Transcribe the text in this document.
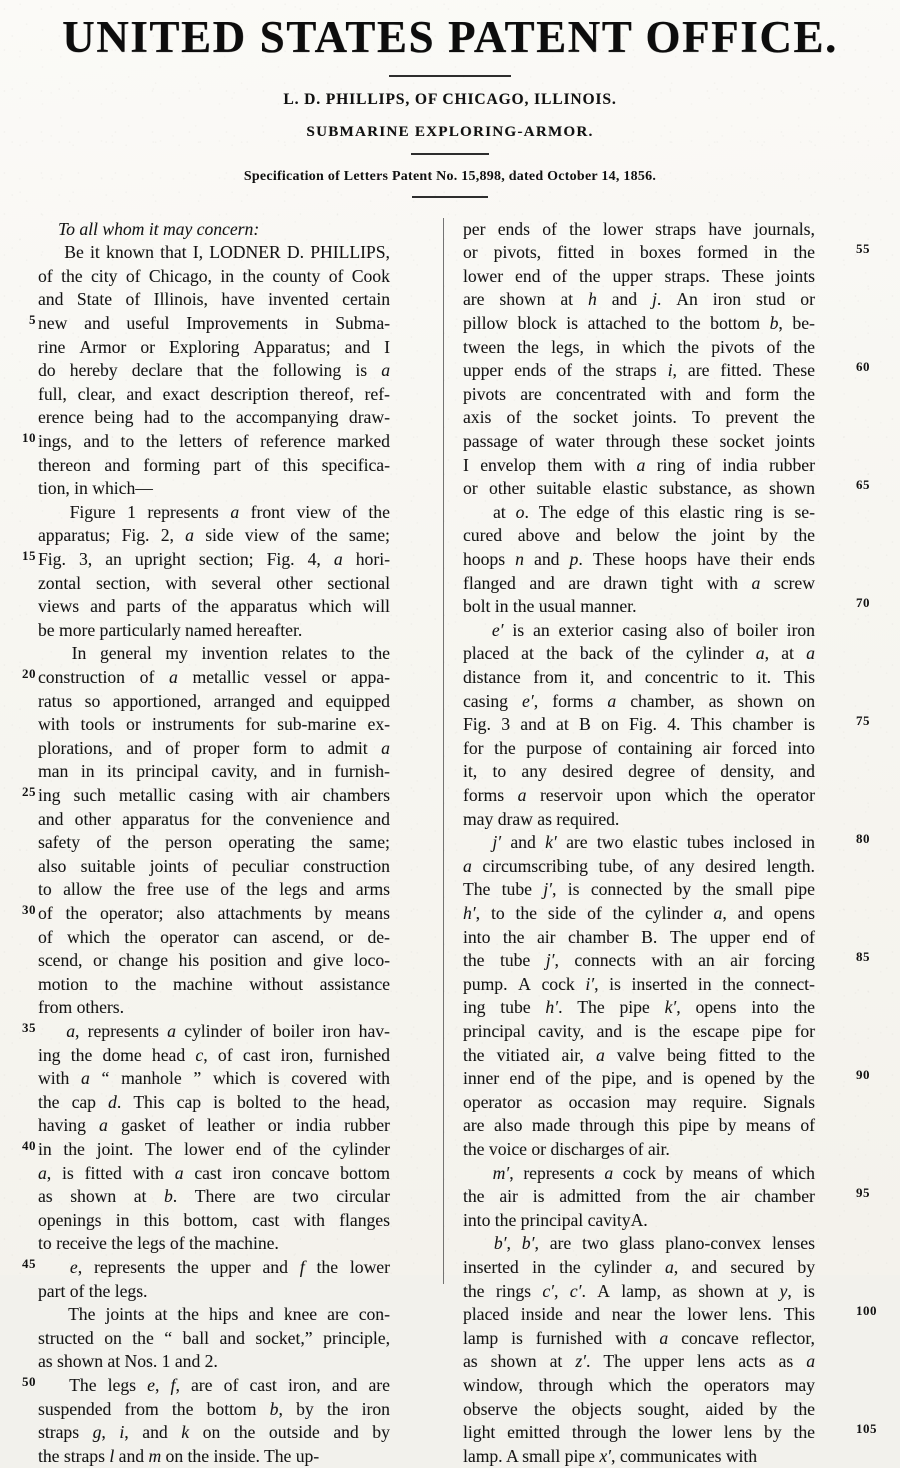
UNITED STATES PATENT OFFICE.
L. D. PHILLIPS, OF CHICAGO, ILLINOIS.
SUBMARINE EXPLORING-ARMOR.
Specification of Letters Patent No. 15,898, dated October 14, 1856.
5
10
15
20
25
30
35
40
45
50
To all whom it may concern:
Be it known that I, LODNER D. PHILLIPS,
of the city of Chicago, in the county of Cook
and State of Illinois, have invented certain
new and useful Improvements in Subma-
rine Armor or Exploring Apparatus; and I
do hereby declare that the following is a
full, clear, and exact description thereof, ref-
erence being had to the accompanying draw-
ings, and to the letters of reference marked
thereon and forming part of this specifica-
tion, in which—
Figure 1 represents a front view of the
apparatus; Fig. 2, a side view of the same;
Fig. 3, an upright section; Fig. 4, a hori-
zontal section, with several other sectional
views and parts of the apparatus which will
be more particularly named hereafter.
In general my invention relates to the
construction of a metallic vessel or appa-
ratus so apportioned, arranged and equipped
with tools or instruments for sub-marine ex-
plorations, and of proper form to admit a
man in its principal cavity, and in furnish-
ing such metallic casing with air chambers
and other apparatus for the convenience and
safety of the person operating the same;
also suitable joints of peculiar construction
to allow the free use of the legs and arms
of the operator; also attachments by means
of which the operator can ascend, or de-
scend, or change his position and give loco-
motion to the machine without assistance
from others.
a, represents a cylinder of boiler iron hav-
ing the dome head c, of cast iron, furnished
with a “ manhole ” which is covered with
the cap d. This cap is bolted to the head,
having a gasket of leather or india rubber
in the joint. The lower end of the cylinder
a, is fitted with a cast iron concave bottom
as shown at b. There are two circular
openings in this bottom, cast with flanges
to receive the legs of the machine.
e, represents the upper and f the lower
part of the legs.
The joints at the hips and knee are con-
structed on the “ ball and socket,” principle,
as shown at Nos. 1 and 2.
The legs e, f, are of cast iron, and are
suspended from the bottom b, by the iron
straps g, i, and k on the outside and by
the straps l and m on the inside. The up-
per ends of the lower straps have journals,
or pivots, fitted in boxes formed in the
lower end of the upper straps. These joints
are shown at h and j. An iron stud or
pillow block is attached to the bottom b, be-
tween the legs, in which the pivots of the
upper ends of the straps i, are fitted. These
pivots are concentrated with and form the
axis of the socket joints. To prevent the
passage of water through these socket joints
I envelop them with a ring of india rubber
or other suitable elastic substance, as shown
at o. The edge of this elastic ring is se-
cured above and below the joint by the
hoops n and p. These hoops have their ends
flanged and are drawn tight with a screw
bolt in the usual manner.
e′ is an exterior casing also of boiler iron
placed at the back of the cylinder a, at a
distance from it, and concentric to it. This
casing e′, forms a chamber, as shown on
Fig. 3 and at B on Fig. 4. This chamber is
for the purpose of containing air forced into
it, to any desired degree of density, and
forms a reservoir upon which the operator
may draw as required.
j′ and k′ are two elastic tubes inclosed in
a circumscribing tube, of any desired length.
The tube j′, is connected by the small pipe
h′, to the side of the cylinder a, and opens
into the air chamber B. The upper end of
the tube j′, connects with an air forcing
pump. A cock i′, is inserted in the connect-
ing tube h′. The pipe k′, opens into the
principal cavity, and is the escape pipe for
the vitiated air, a valve being fitted to the
inner end of the pipe, and is opened by the
operator as occasion may require. Signals
are also made through this pipe by means of
the voice or discharges of air.
m′, represents a cock by means of which
the air is admitted from the air chamber
into the principal cavityA.
b′, b′, are two glass plano-convex lenses
inserted in the cylinder a, and secured by
the rings c′, c′. A lamp, as shown at y, is
placed inside and near the lower lens. This
lamp is furnished with a concave reflector,
as shown at z′. The upper lens acts as a
window, through which the operators may
observe the objects sought, aided by the
light emitted through the lower lens by the
lamp. A small pipe x′, communicates with
55
60
65
70
75
80
85
90
95
100
105
